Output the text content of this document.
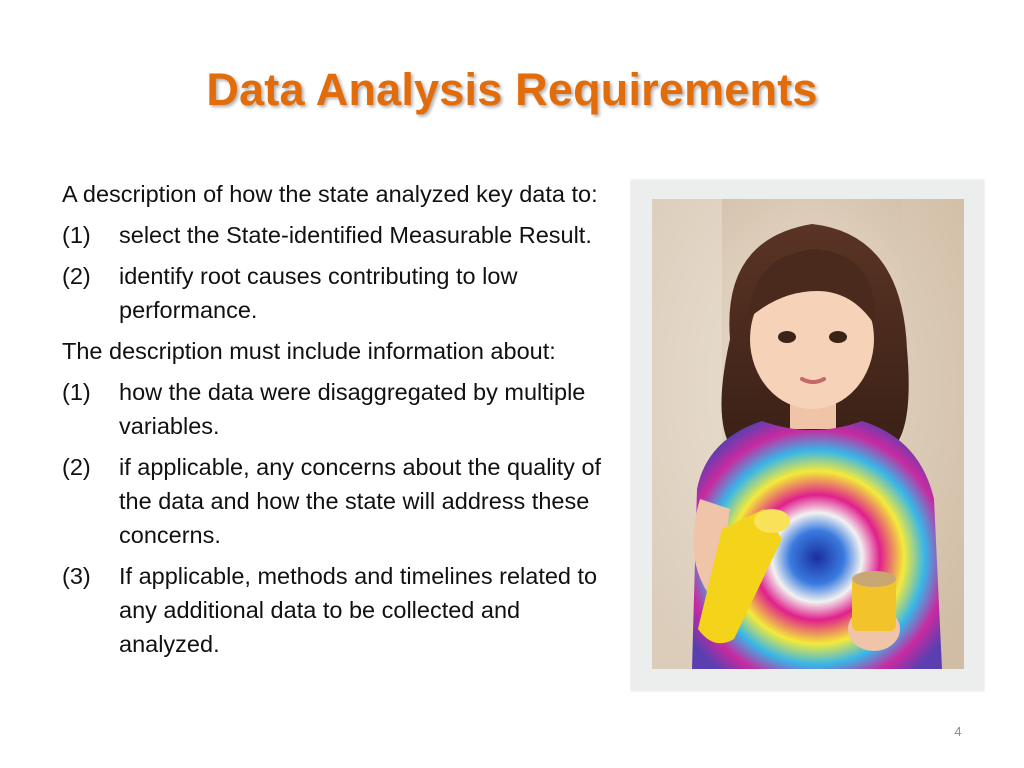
Data Analysis Requirements
A description of how the state analyzed key data to:
(1)	select the State-identified Measurable Result.
(2)	identify root causes contributing to low performance.
The description must include information about:
(1)	how the data were disaggregated by multiple variables.
(2)	if applicable, any concerns about the quality of the data and how the state will address these concerns.
(3)	If applicable, methods and timelines related to any additional data to be collected and analyzed.
4
